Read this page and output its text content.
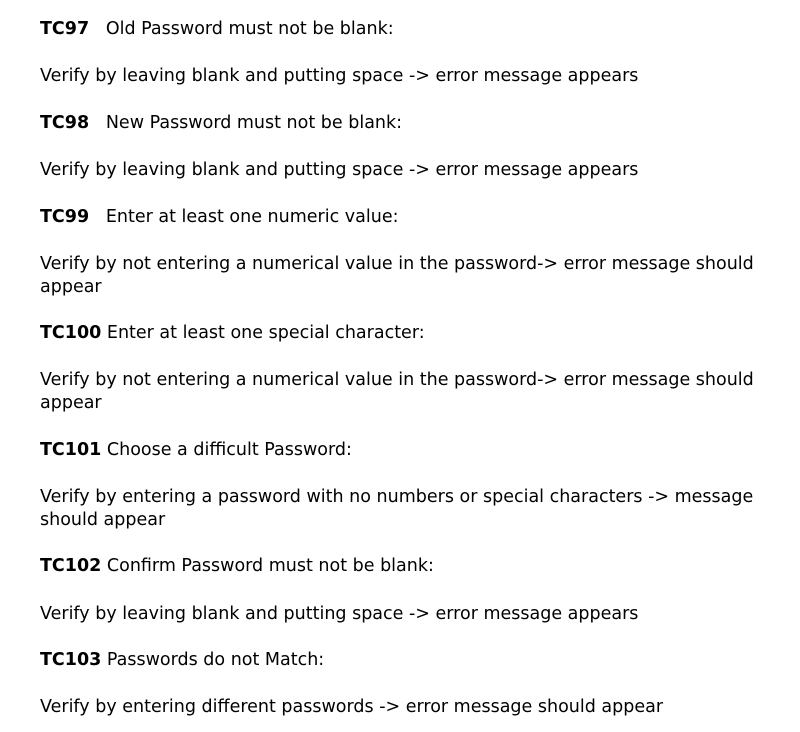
TC97 Old Password must not be blank:

Verify by leaving blank and putting space -> error message appears

TC98 New Password must not be blank:

Verify by leaving blank and putting space -> error message appears

TC99 Enter at least one numeric value:

Verify by not entering a numerical value in the password-> error message should appear

TC100 Enter at least one special character:

Verify by not entering a numerical value in the password-> error message should appear

TC101 Choose a difficult Password:

Verify by entering a password with no numbers or special characters -> message should appear

TC102 Confirm Password must not be blank:

Verify by leaving blank and putting space -> error message appears

TC103 Passwords do not Match:

Verify by entering different passwords -> error message should appear
